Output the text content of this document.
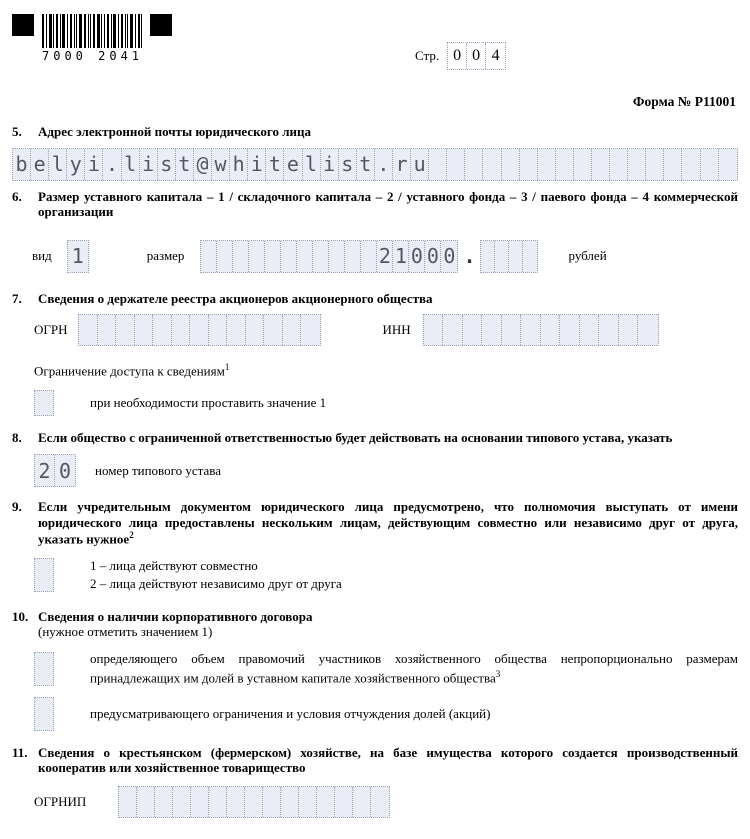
7000 2041	Стр. 0 0 4
Форма № Р11001
5.	Адрес электронной почты юридического лица
b e l y i . l i s t @ w h i t e l i s t . r u
6.	Размер уставного капитала – 1 / складочного капитала – 2 / уставного фонда – 3 / паевого фонда – 4 коммерческой организации
вид 1	размер	2 1 0 0 0 .	рублей
7.	Сведения о держателе реестра акционеров акционерного общества
ОГРН	ИНН
Ограничение доступа к сведениям$^1$
при необходимости проставить значение 1
8.	Если общество с ограниченной ответственностью будет действовать на основании типового устава, указать
2 0	номер типового устава
9.	Если учредительным документом юридического лица предусмотрено, что полномочия выступать от имени юридического лица предоставлены нескольким лицам, действующим совместно или независимо друг от друга, указать нужное$^2$
1 – лица действуют совместно
2 – лица действуют независимо друг от друга
10. Сведения о наличии корпоративного договора
(нужное отметить значением 1)
определяющего объем правомочий участников хозяйственного общества непропорционально размерам принадлежащих им долей в уставном капитале хозяйственного общества$^3$
предусматривающего ограничения и условия отчуждения долей (акций)
11. Сведения о крестьянском (фермерском) хозяйстве, на базе имущества которого создается производственный кооператив или хозяйственное товарищество
ОГРНИП
